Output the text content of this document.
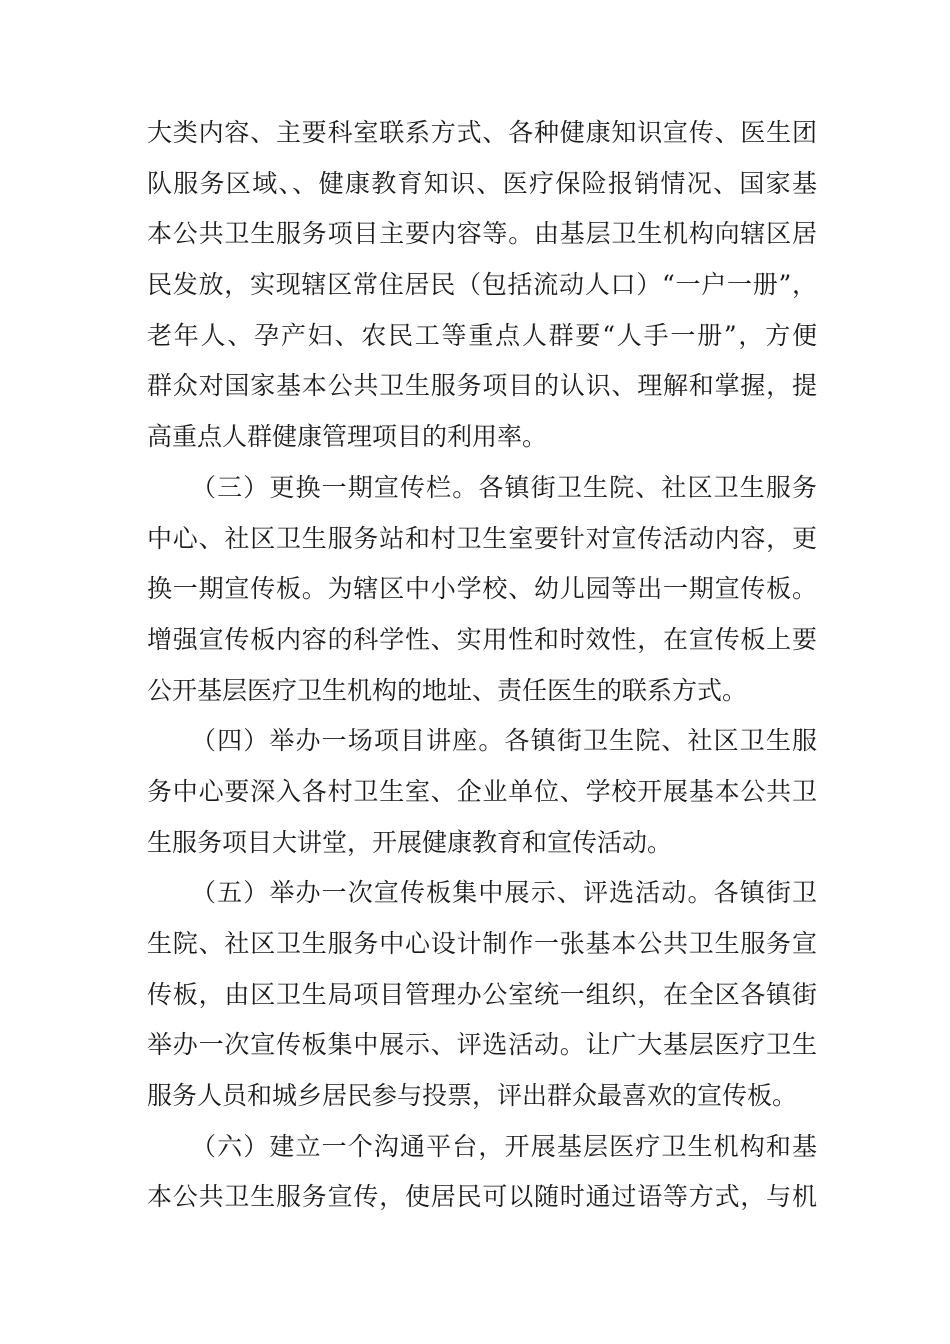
大类内容、主要科室联系方式、各种健康知识宣传、医生团
队服务区域、、健康教育知识、医疗保险报销情况、国家基
本公共卫生服务项目主要内容等。由基层卫生机构向辖区居
民发放，实现辖区常住居民（包括流动人口）“一户一册”，
老年人、孕产妇、农民工等重点人群要“人手一册”，方便
群众对国家基本公共卫生服务项目的认识、理解和掌握，提
高重点人群健康管理项目的利用率。
（三）更换一期宣传栏。各镇街卫生院、社区卫生服务
中心、社区卫生服务站和村卫生室要针对宣传活动内容，更
换一期宣传板。为辖区中小学校、幼儿园等出一期宣传板。
增强宣传板内容的科学性、实用性和时效性，在宣传板上要
公开基层医疗卫生机构的地址、责任医生的联系方式。
（四）举办一场项目讲座。各镇街卫生院、社区卫生服
务中心要深入各村卫生室、企业单位、学校开展基本公共卫
生服务项目大讲堂，开展健康教育和宣传活动。
（五）举办一次宣传板集中展示、评选活动。各镇街卫
生院、社区卫生服务中心设计制作一张基本公共卫生服务宣
传板，由区卫生局项目管理办公室统一组织，在全区各镇街
举办一次宣传板集中展示、评选活动。让广大基层医疗卫生
服务人员和城乡居民参与投票，评出群众最喜欢的宣传板。
（六）建立一个沟通平台，开展基层医疗卫生机构和基
本公共卫生服务宣传，使居民可以随时通过语等方式，与机
